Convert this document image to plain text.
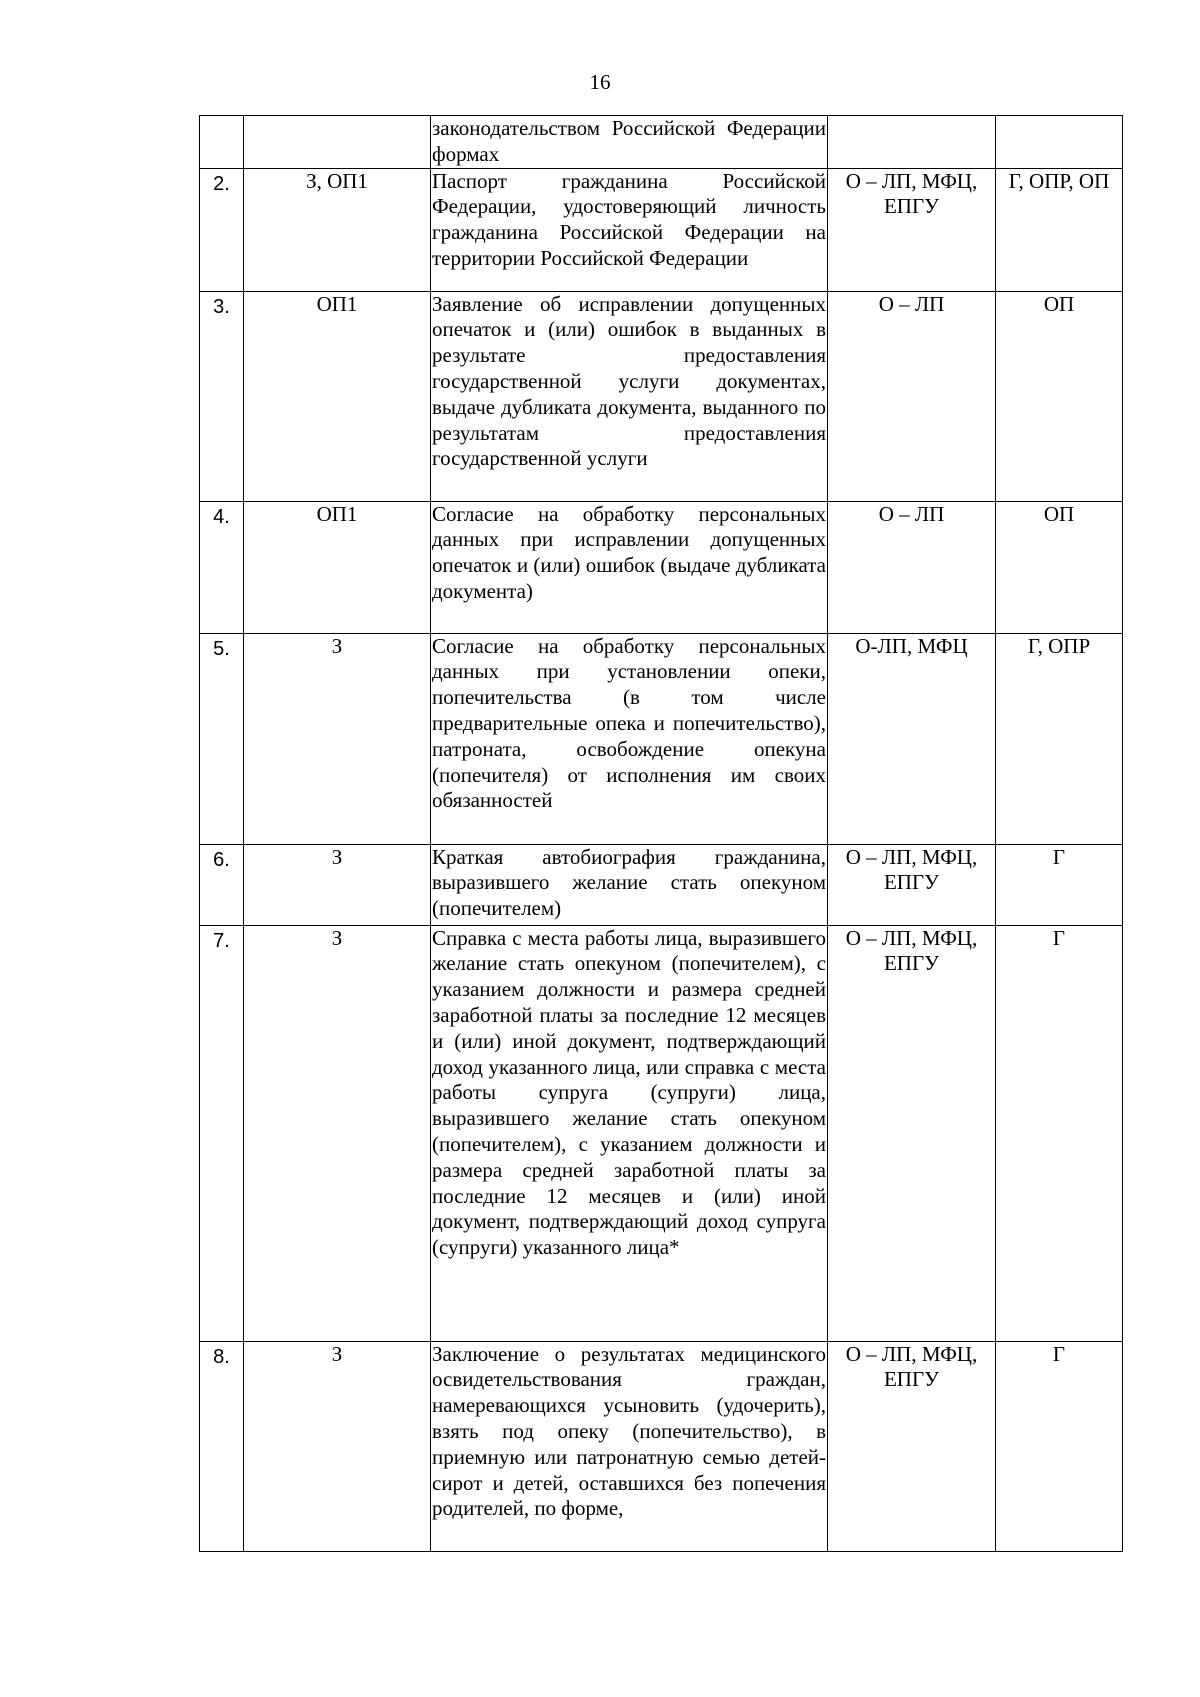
16
		законодательством Российской Федерации формах		
2.	З, ОП1	Паспорт гражданина Российской Федерации, удостоверяющий личность гражданина Российской Федерации на территории Российской Федерации	О – ЛП, МФЦ, ЕПГУ	Г, ОПР, ОП
3.	ОП1	Заявление об исправлении допущенных опечаток и (или) ошибок в выданных в результате предоставления государственной услуги документах, выдаче дубликата документа, выданного по результатам предоставления государственной услуги	О – ЛП	ОП
4.	ОП1	Согласие на обработку персональных данных при исправлении допущенных опечаток и (или) ошибок (выдаче дубликата документа)	О – ЛП	ОП
5.	З	Согласие на обработку персональных данных при установлении опеки, попечительства (в том числе предварительные опека и попечительство), патроната, освобождение опекуна (попечителя) от исполнения им своих обязанностей	О-ЛП, МФЦ	Г, ОПР
6.	З	Краткая автобиография гражданина, выразившего желание стать опекуном (попечителем)	О – ЛП, МФЦ, ЕПГУ	Г
7.	З	Справка с места работы лица, выразившего желание стать опекуном (попечителем), с указанием должности и размера средней заработной платы за последние 12 месяцев и (или) иной документ, подтверждающий доход указанного лица, или справка с места работы супруга (супруги) лица, выразившего желание стать опекуном (попечителем), с указанием должности и размера средней заработной платы за последние 12 месяцев и (или) иной документ, подтверждающий доход супруга (супруги) указанного лица*	О – ЛП, МФЦ, ЕПГУ	Г
8.	З	Заключение о результатах медицинского освидетельствования граждан, намеревающихся усыновить (удочерить), взять под опеку (попечительство), в приемную или патронатную семью детей-сирот и детей, оставшихся без попечения родителей, по форме,	О – ЛП, МФЦ, ЕПГУ	Г
